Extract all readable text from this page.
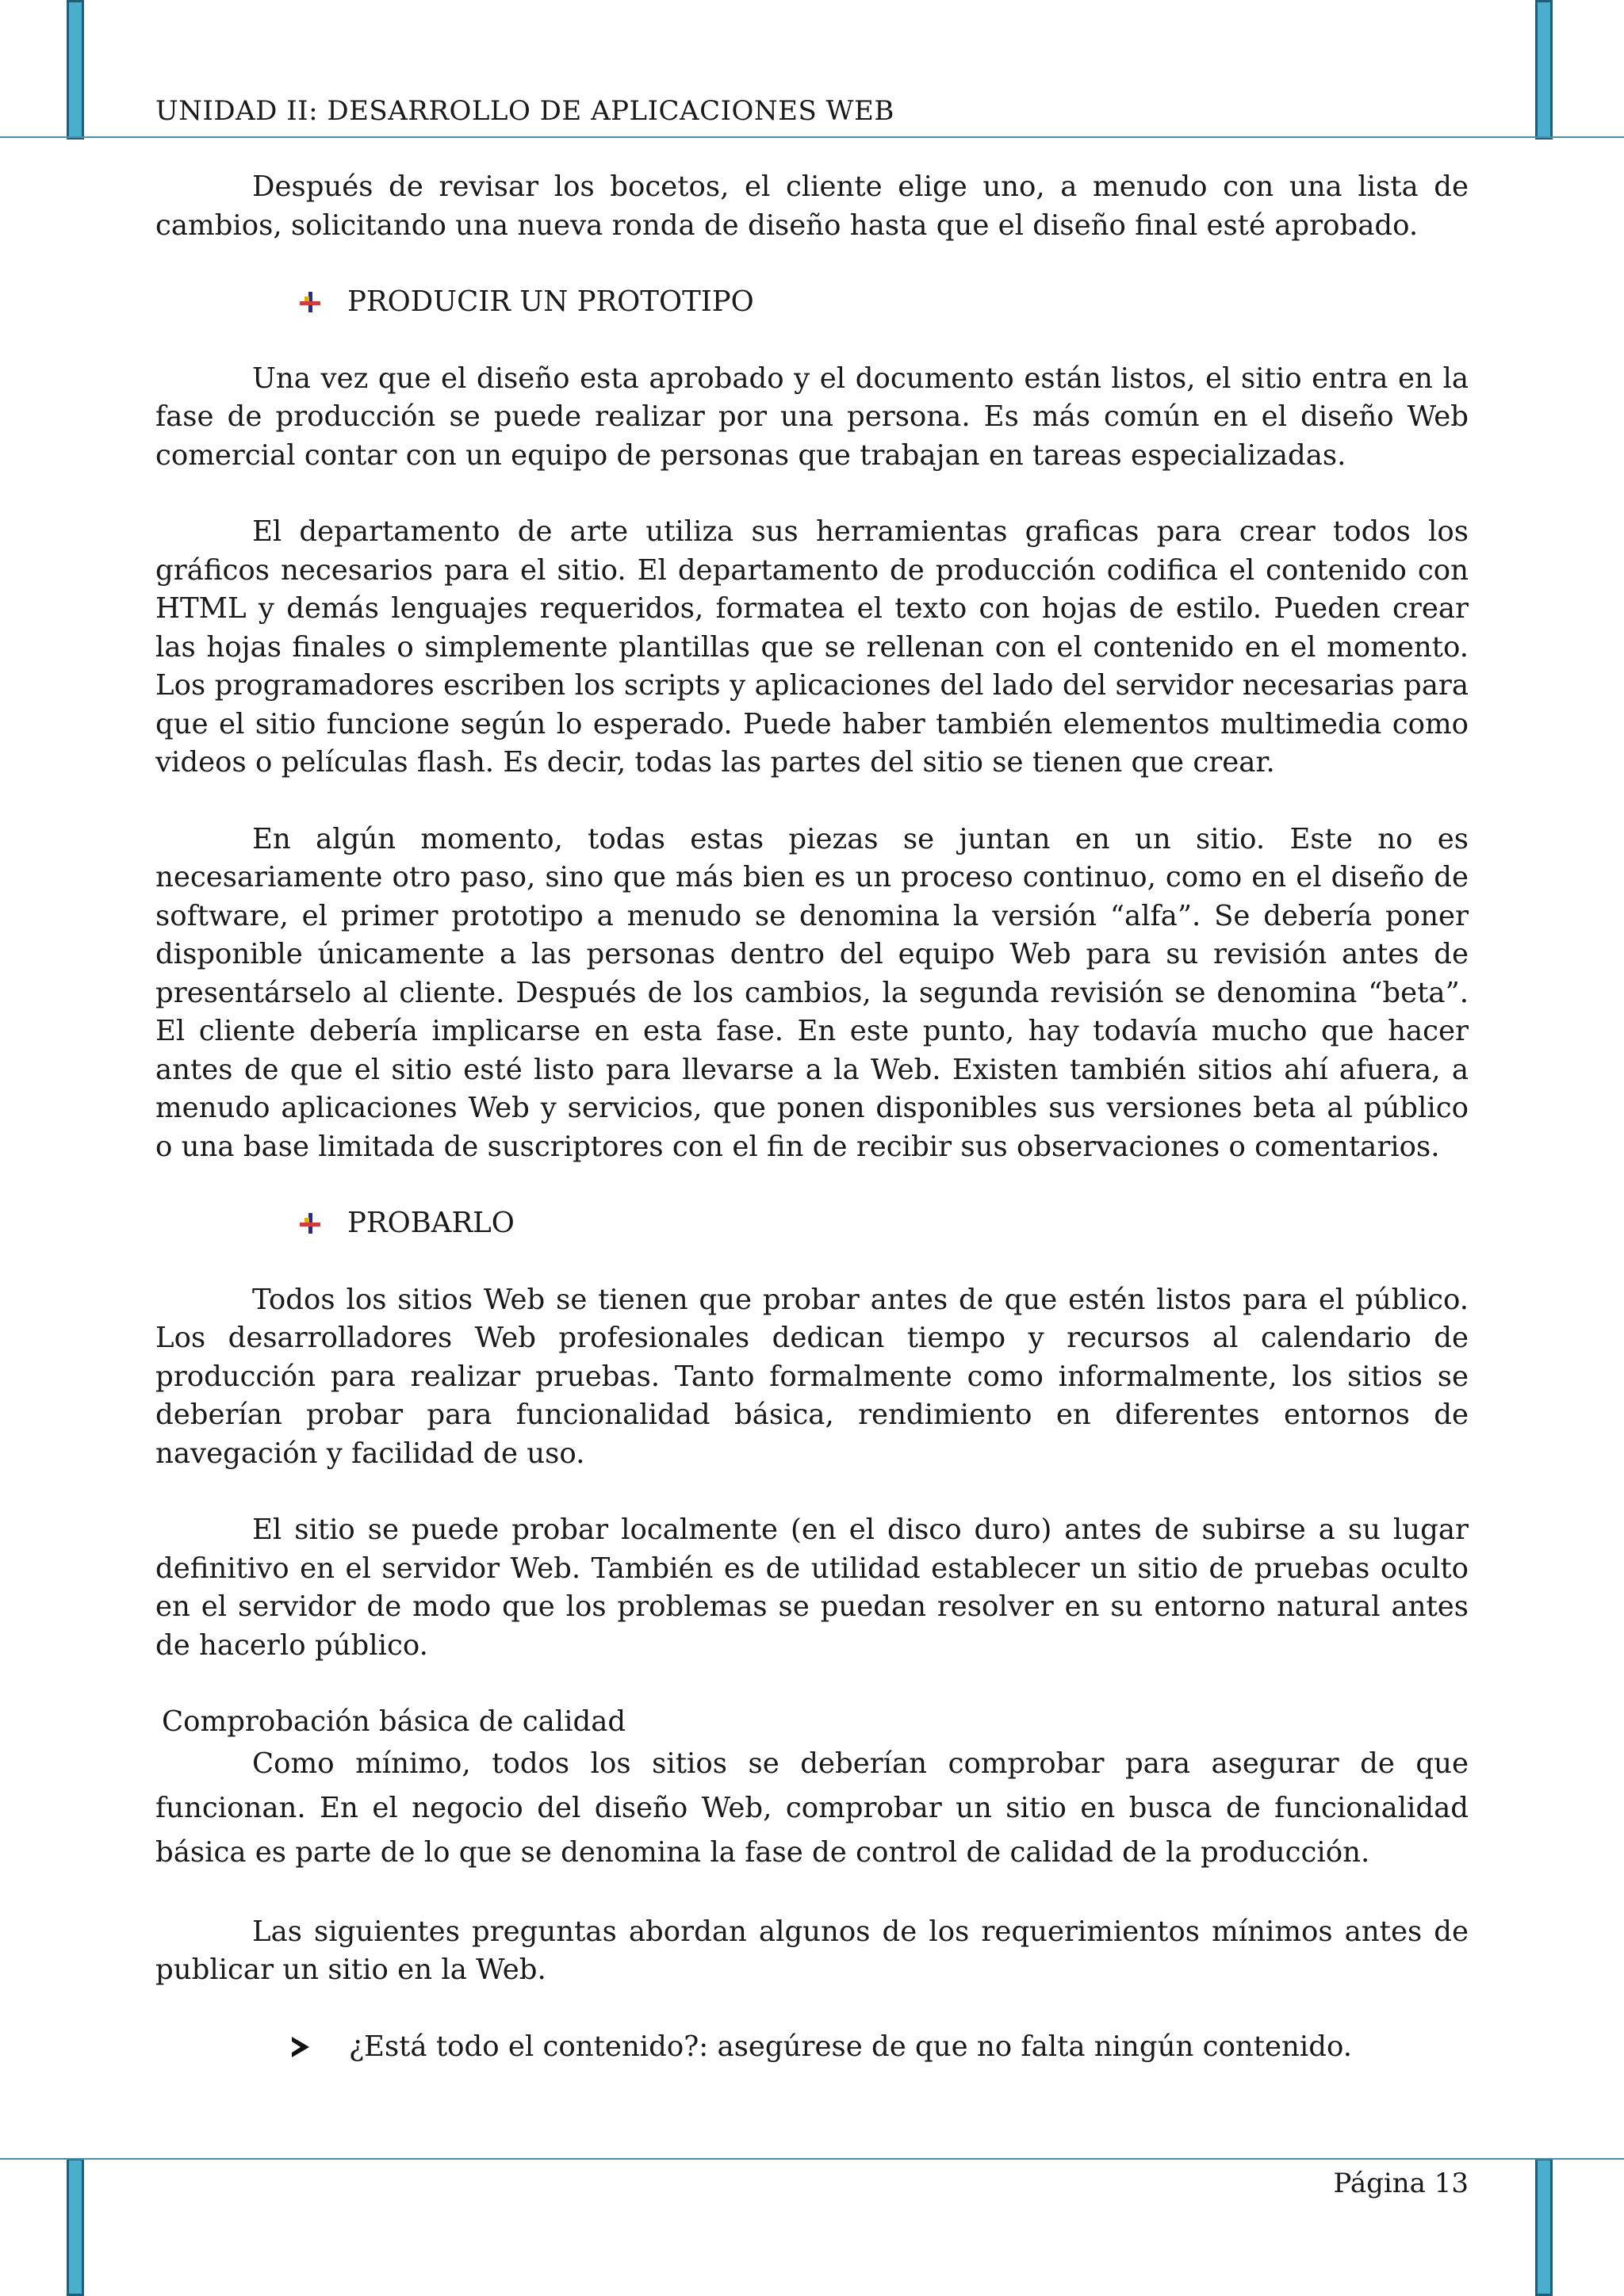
UNIDAD II: DESARROLLO DE APLICACIONES WEB

Después de revisar los bocetos, el cliente elige uno, a menudo con una lista de cambios, solicitando una nueva ronda de diseño hasta que el diseño final esté aprobado.

PRODUCIR UN PROTOTIPO

Una vez que el diseño esta aprobado y el documento están listos, el sitio entra en la fase de producción se puede realizar por una persona. Es más común en el diseño Web comercial contar con un equipo de personas que trabajan en tareas especializadas.

El departamento de arte utiliza sus herramientas graficas para crear todos los gráficos necesarios para el sitio. El departamento de producción codifica el contenido con HTML y demás lenguajes requeridos, formatea el texto con hojas de estilo. Pueden crear las hojas finales o simplemente plantillas que se rellenan con el contenido en el momento. Los programadores escriben los scripts y aplicaciones del lado del servidor necesarias para que el sitio funcione según lo esperado. Puede haber también elementos multimedia como videos o películas flash. Es decir, todas las partes del sitio se tienen que crear.

En algún momento, todas estas piezas se juntan en un sitio. Este no es necesariamente otro paso, sino que más bien es un proceso continuo, como en el diseño de software, el primer prototipo a menudo se denomina la versión “alfa”. Se debería poner disponible únicamente a las personas dentro del equipo Web para su revisión antes de presentárselo al cliente. Después de los cambios, la segunda revisión se denomina “beta”. El cliente debería implicarse en esta fase. En este punto, hay todavía mucho que hacer antes de que el sitio esté listo para llevarse a la Web. Existen también sitios ahí afuera, a menudo aplicaciones Web y servicios, que ponen disponibles sus versiones beta al público o una base limitada de suscriptores con el fin de recibir sus observaciones o comentarios.

PROBARLO

Todos los sitios Web se tienen que probar antes de que estén listos para el público. Los desarrolladores Web profesionales dedican tiempo y recursos al calendario de producción para realizar pruebas. Tanto formalmente como informalmente, los sitios se deberían probar para funcionalidad básica, rendimiento en diferentes entornos de navegación y facilidad de uso.

El sitio se puede probar localmente (en el disco duro) antes de subirse a su lugar definitivo en el servidor Web. También es de utilidad establecer un sitio de pruebas oculto en el servidor de modo que los problemas se puedan resolver en su entorno natural antes de hacerlo público.

Comprobación básica de calidad

Como mínimo, todos los sitios se deberían comprobar para asegurar de que funcionan. En el negocio del diseño Web, comprobar un sitio en busca de funcionalidad básica es parte de lo que se denomina la fase de control de calidad de la producción.

Las siguientes preguntas abordan algunos de los requerimientos mínimos antes de publicar un sitio en la Web.

¿Está todo el contenido?: asegúrese de que no falta ningún contenido.
Página 13
